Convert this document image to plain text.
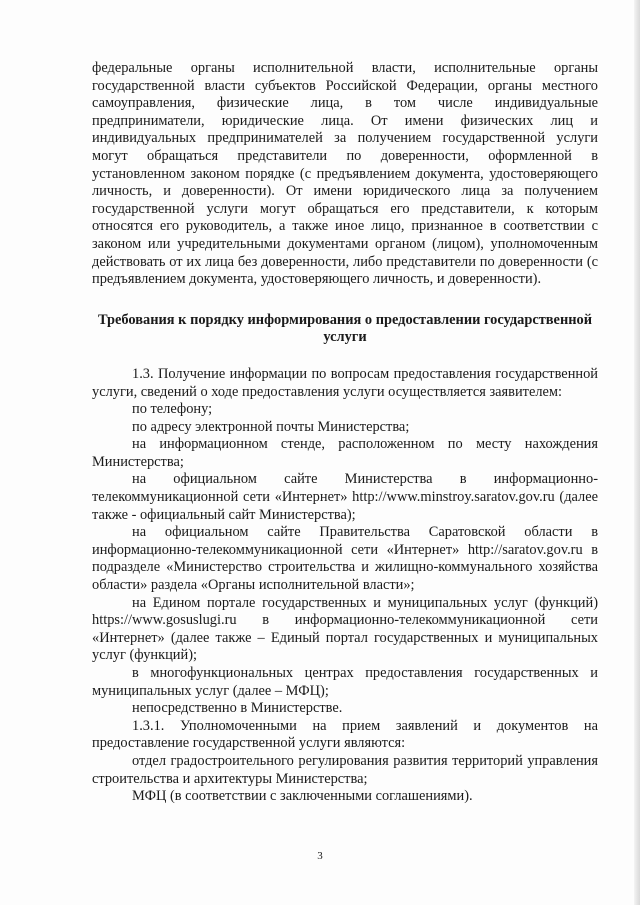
федеральные органы исполнительной власти, исполнительные органы государственной власти субъектов Российской Федерации, органы местного самоуправления, физические лица, в том числе индивидуальные предприниматели, юридические лица. От имени физических лиц и индивидуальных предпринимателей за получением государственной услуги могут обращаться представители по доверенности, оформленной в установленном законом порядке (с предъявлением документа, удостоверяющего личность, и доверенности). От имени юридического лица за получением государственной услуги могут обращаться его представители, к которым относятся его руководитель, а также иное лицо, признанное в соответствии с законом или учредительными документами органом (лицом), уполномоченным действовать от их лица без доверенности, либо представители по доверенности (с предъявлением документа, удостоверяющего личность, и доверенности).

Требования к порядку информирования о предоставлении государственной услуги

1.3. Получение информации по вопросам предоставления государственной услуги, сведений о ходе предоставления услуги осуществляется заявителем:

по телефону;

по адресу электронной почты Министерства;

на информационном стенде, расположенном по месту нахождения Министерства;

на официальном сайте Министерства в информационно-телекоммуникационной сети «Интернет» http://www.minstroy.saratov.gov.ru (далее также - официальный сайт Министерства);

на официальном сайте Правительства Саратовской области в информационно-телекоммуникационной сети «Интернет» http://saratov.gov.ru в подразделе «Министерство строительства и жилищно-коммунального хозяйства области» раздела «Органы исполнительной власти»;

на Едином портале государственных и муниципальных услуг (функций) https://www.gosuslugi.ru в информационно-телекоммуникационной сети «Интернет» (далее также – Единый портал государственных и муниципальных услуг (функций);

в многофункциональных центрах предоставления государственных и муниципальных услуг (далее – МФЦ);

непосредственно в Министерстве.

1.3.1. Уполномоченными на прием заявлений и документов на предоставление государственной услуги являются:

отдел градостроительного регулирования развития территорий управления строительства и архитектуры Министерства;

МФЦ (в соответствии с заключенными соглашениями).

3
